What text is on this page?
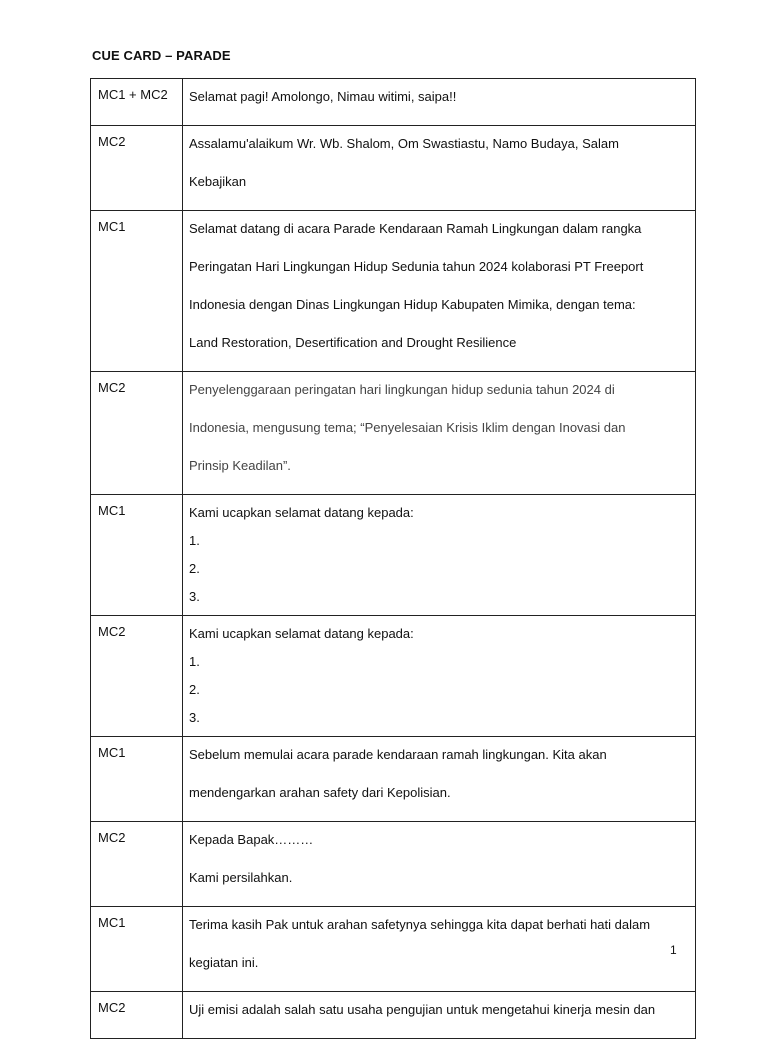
CUE CARD – PARADE
MC1 + MC2	Selamat pagi! Amolongo, Nimau witimi, saipa!!

MC2	Assalamu'alaikum Wr. Wb. Shalom, Om Swastiastu, Namo Budaya, Salam
Kebajikan

MC1	Selamat datang di acara Parade Kendaraan Ramah Lingkungan dalam rangka
Peringatan Hari Lingkungan Hidup Sedunia tahun 2024 kolaborasi PT Freeport
Indonesia dengan Dinas Lingkungan Hidup Kabupaten Mimika, dengan tema:
Land Restoration, Desertification and Drought Resilience

MC2	Penyelenggaraan peringatan hari lingkungan hidup sedunia tahun 2024 di
Indonesia, mengusung tema; “Penyelesaian Krisis Iklim dengan Inovasi dan
Prinsip Keadilan”.

MC1	Kami ucapkan selamat datang kepada:
1.
2.
3.

MC2	Kami ucapkan selamat datang kepada:
1.
2.
3.

MC1	Sebelum memulai acara parade kendaraan ramah lingkungan. Kita akan
mendengarkan arahan safety dari Kepolisian.

MC2	Kepada Bapak………
Kami persilahkan.

MC1	Terima kasih Pak untuk arahan safetynya sehingga kita dapat berhati hati dalam
kegiatan ini.

MC2	Uji emisi adalah salah satu usaha pengujian untuk mengetahui kinerja mesin dan
1
